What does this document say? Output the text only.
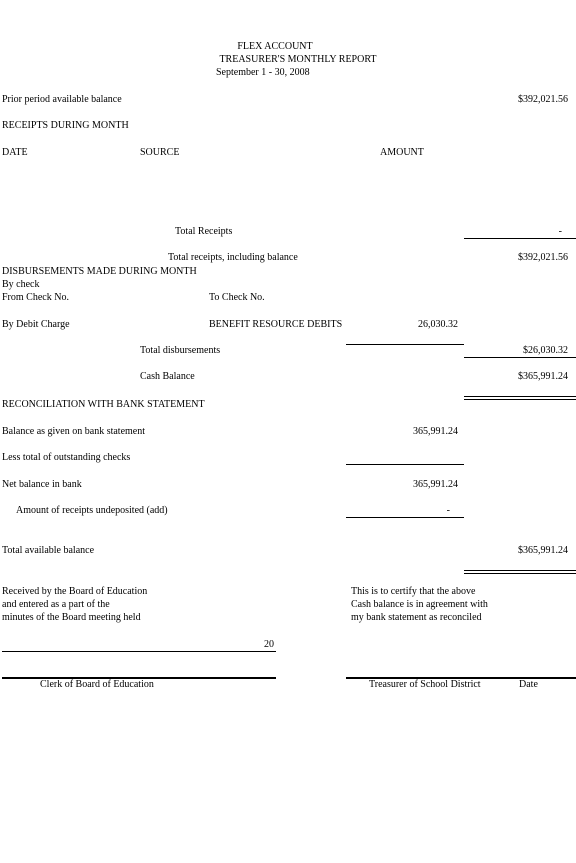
FLEX ACCOUNT
TREASURER'S MONTHLY REPORT
September 1 - 30, 2008
Prior period available balance	$392,021.56
RECEIPTS DURING MONTH
DATE	SOURCE	AMOUNT
Total Receipts	-
Total receipts, including balance	$392,021.56
DISBURSEMENTS MADE DURING MONTH
By check
From Check No.	To Check No.
By Debit Charge	BENEFIT RESOURCE DEBITS	26,030.32
Total disbursements	$26,030.32
Cash Balance	$365,991.24
RECONCILIATION WITH BANK STATEMENT
Balance as given on bank statement	365,991.24
Less total of outstanding checks
Net balance in bank	365,991.24
Amount of receipts undeposited (add)	-
Total available balance	$365,991.24
Received by the Board of Education
and entered as a part of the
minutes of the Board meeting held
This is to certify that the above
Cash balance is in agreement with
my bank statement as reconciled
20
Clerk of Board of Education	Treasurer of School District	Date
